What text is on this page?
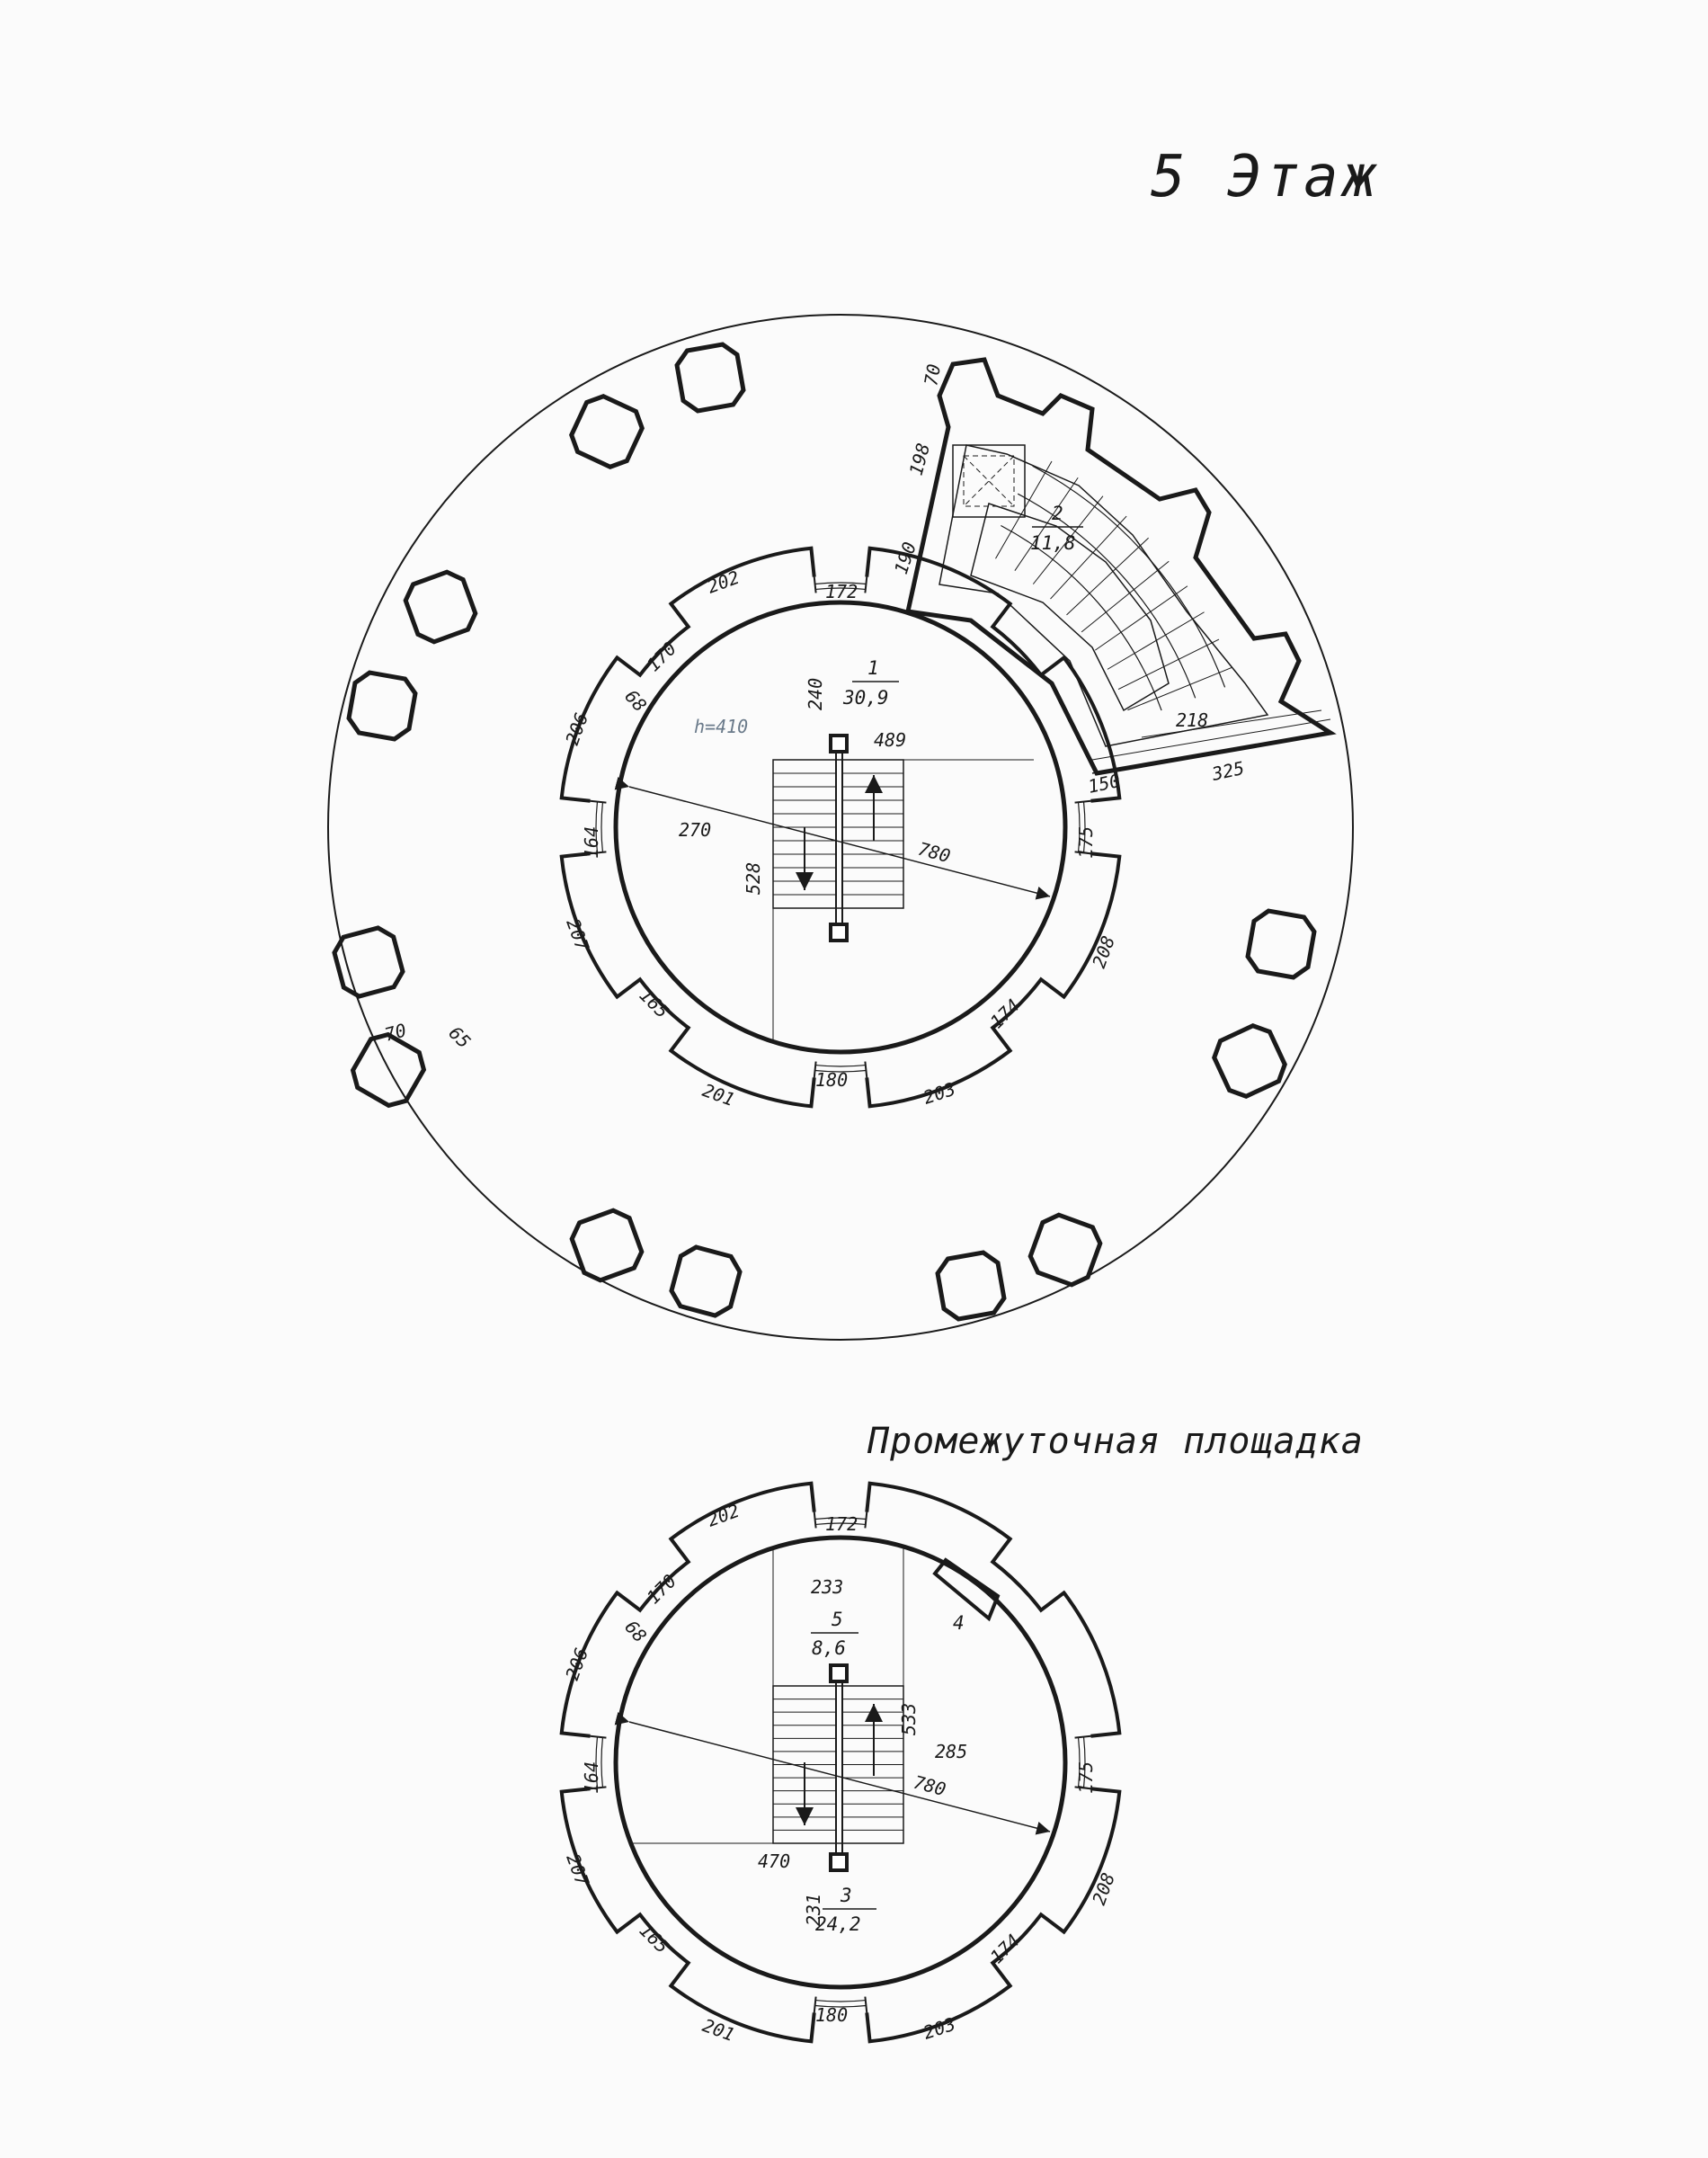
5 Этаж
Промежуточная площадка
1
30,9
2
11,8
h=410
70
198
190
218
325
150
489
240
270
780
528
172
202
170
68
206
164
207
165
201	180	203
174
208
175
70 65
5
8,6
3
24,2
4
172
202
170
68
206
233
533
285
780
164	175
470
231
207	208
165
201	180	203
174
